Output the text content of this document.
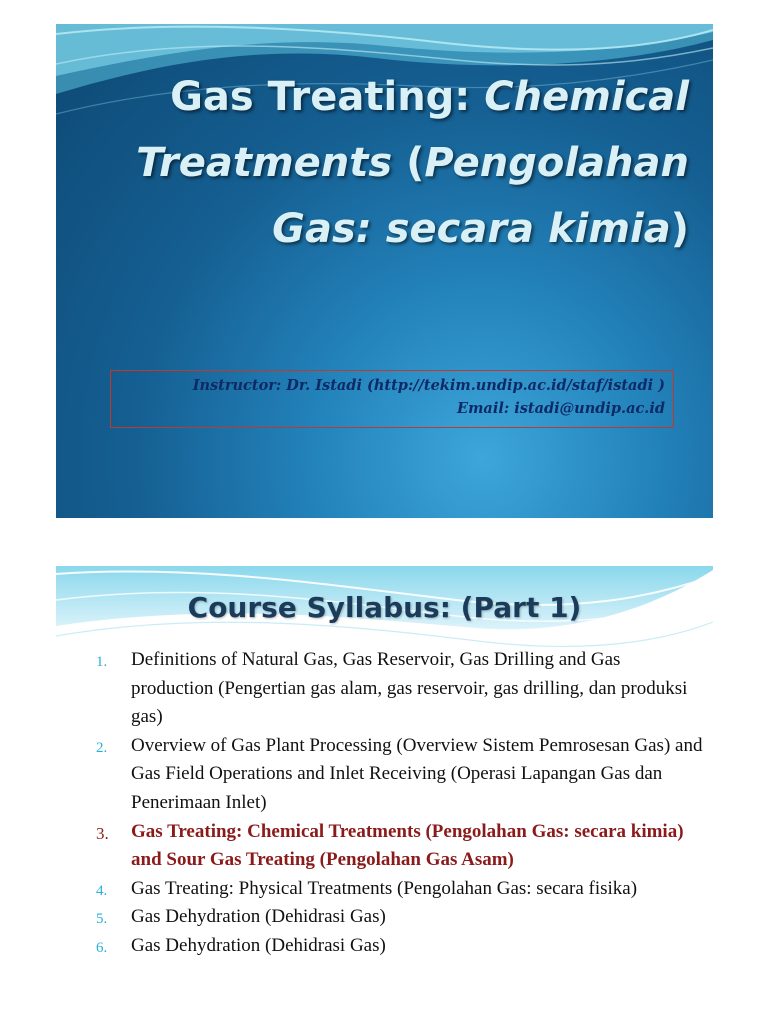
Gas Treating: Chemical
Treatments (Pengolahan
Gas: secara kimia)
Instructor: Dr. Istadi (http://tekim.undip.ac.id/staf/istadi )
Email: istadi@undip.ac.id
Course Syllabus: (Part 1)
1. Definitions of Natural Gas, Gas Reservoir, Gas Drilling and Gas production (Pengertian gas alam, gas reservoir, gas drilling, dan produksi gas)
2. Overview of Gas Plant Processing (Overview Sistem Pemrosesan Gas) and Gas Field Operations and Inlet Receiving (Operasi Lapangan Gas dan Penerimaan Inlet)
3. Gas Treating: Chemical Treatments (Pengolahan Gas: secara kimia) and Sour Gas Treating (Pengolahan Gas Asam)
4. Gas Treating: Physical Treatments (Pengolahan Gas: secara fisika)
5. Gas Dehydration (Dehidrasi Gas)
6. Gas Dehydration (Dehidrasi Gas)
